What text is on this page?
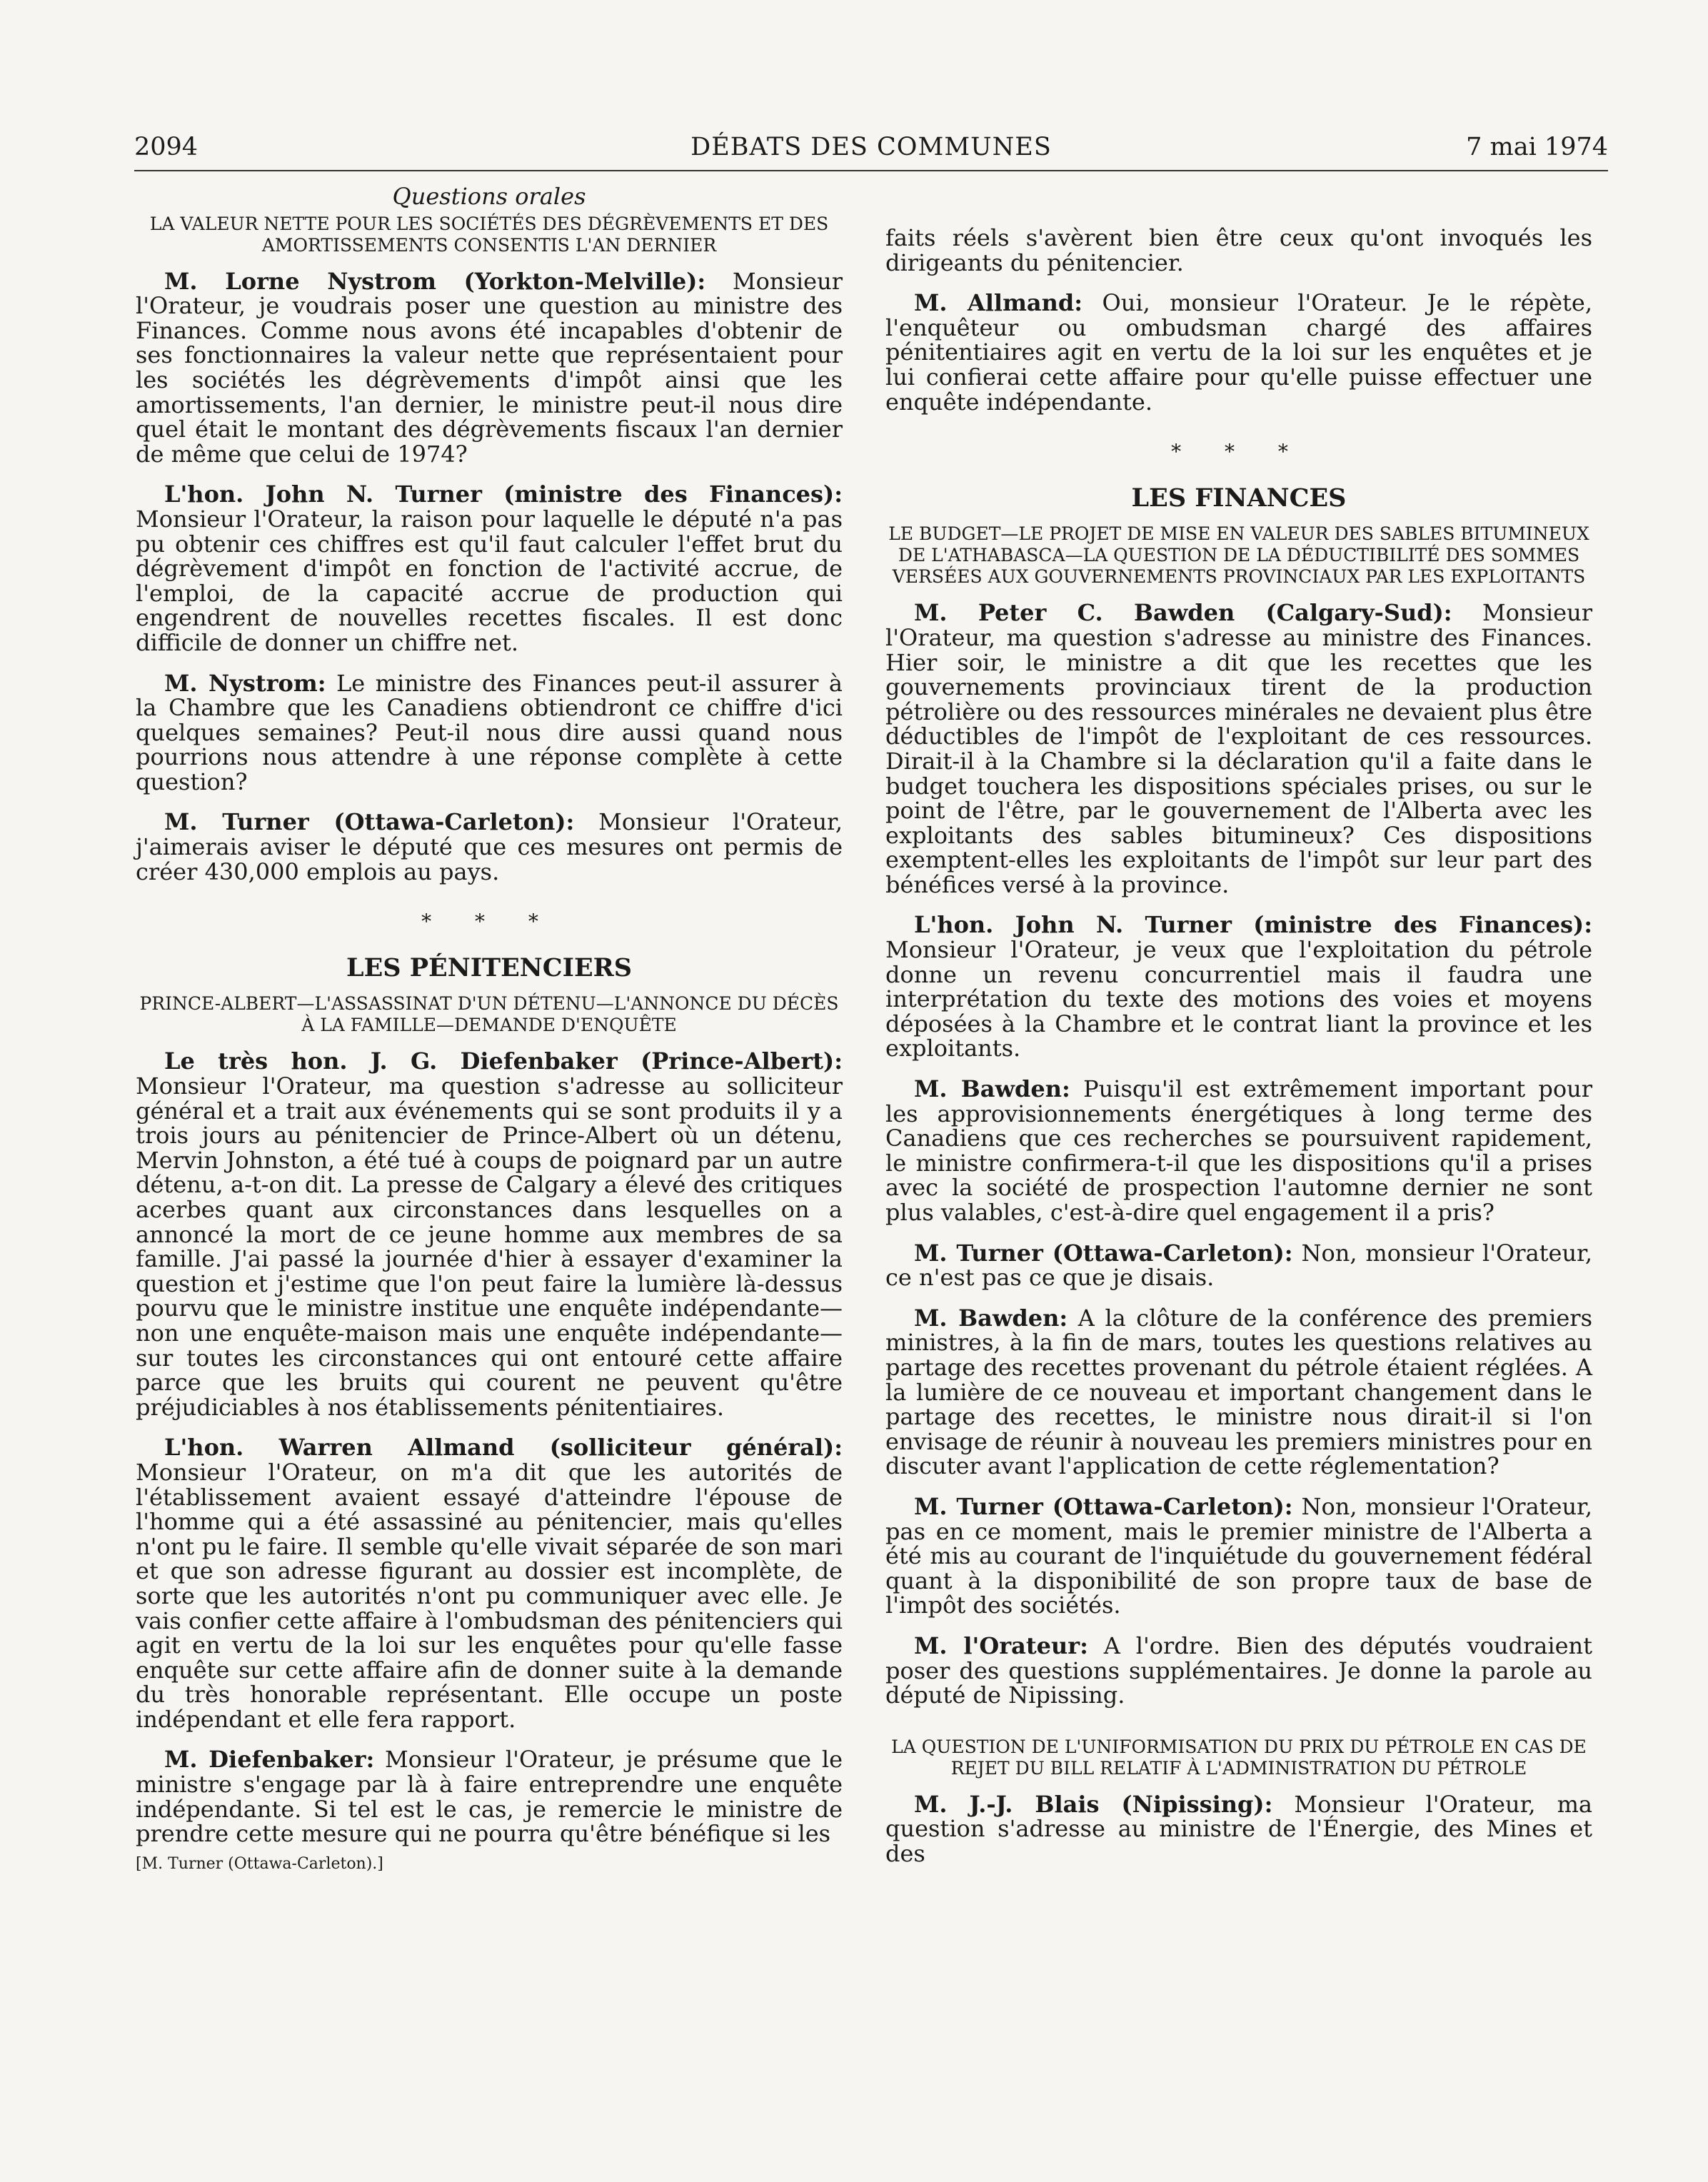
2094	DÉBATS DES COMMUNES	7 mai 1974
Questions orales
LA VALEUR NETTE POUR LES SOCIÉTÉS DES DÉGRÈVEMENTS ET DES AMORTISSEMENTS CONSENTIS L'AN DERNIER

M. Lorne Nystrom (Yorkton-Melville): Monsieur l'Orateur, je voudrais poser une question au ministre des Finances. Comme nous avons été incapables d'obtenir de ses fonctionnaires la valeur nette que représentaient pour les sociétés les dégrèvements d'impôt ainsi que les amortissements, l'an dernier, le ministre peut-il nous dire quel était le montant des dégrèvements fiscaux l'an dernier de même que celui de 1974?

L'hon. John N. Turner (ministre des Finances): Monsieur l'Orateur, la raison pour laquelle le député n'a pas pu obtenir ces chiffres est qu'il faut calculer l'effet brut du dégrèvement d'impôt en fonction de l'activité accrue, de l'emploi, de la capacité accrue de production qui engendrent de nouvelles recettes fiscales. Il est donc difficile de donner un chiffre net.

M. Nystrom: Le ministre des Finances peut-il assurer à la Chambre que les Canadiens obtiendront ce chiffre d'ici quelques semaines? Peut-il nous dire aussi quand nous pourrions nous attendre à une réponse complète à cette question?

M. Turner (Ottawa-Carleton): Monsieur l'Orateur, j'aimerais aviser le député que ces mesures ont permis de créer 430,000 emplois au pays.

* * *
LES PÉNITENCIERS
PRINCE-ALBERT—L'ASSASSINAT D'UN DÉTENU—L'ANNONCE DU DÉCÈS À LA FAMILLE—DEMANDE D'ENQUÊTE

Le très hon. J. G. Diefenbaker (Prince-Albert): Monsieur l'Orateur, ma question s'adresse au solliciteur général et a trait aux événements qui se sont produits il y a trois jours au pénitencier de Prince-Albert où un détenu, Mervin Johnston, a été tué à coups de poignard par un autre détenu, a-t-on dit. La presse de Calgary a élevé des critiques acerbes quant aux circonstances dans lesquelles on a annoncé la mort de ce jeune homme aux membres de sa famille. J'ai passé la journée d'hier à essayer d'examiner la question et j'estime que l'on peut faire la lumière là-dessus pourvu que le ministre institue une enquête indépendante—non une enquête-maison mais une enquête indépendante—sur toutes les circonstances qui ont entouré cette affaire parce que les bruits qui courent ne peuvent qu'être préjudiciables à nos établissements pénitentiaires.

L'hon. Warren Allmand (solliciteur général): Monsieur l'Orateur, on m'a dit que les autorités de l'établissement avaient essayé d'atteindre l'épouse de l'homme qui a été assassiné au pénitencier, mais qu'elles n'ont pu le faire. Il semble qu'elle vivait séparée de son mari et que son adresse figurant au dossier est incomplète, de sorte que les autorités n'ont pu communiquer avec elle. Je vais confier cette affaire à l'ombudsman des pénitenciers qui agit en vertu de la loi sur les enquêtes pour qu'elle fasse enquête sur cette affaire afin de donner suite à la demande du très honorable représentant. Elle occupe un poste indépendant et elle fera rapport.

M. Diefenbaker: Monsieur l'Orateur, je présume que le ministre s'engage par là à faire entreprendre une enquête indépendante. Si tel est le cas, je remercie le ministre de prendre cette mesure qui ne pourra qu'être bénéfique si les

[M. Turner (Ottawa-Carleton).]

faits réels s'avèrent bien être ceux qu'ont invoqués les dirigeants du pénitencier.

M. Allmand: Oui, monsieur l'Orateur. Je le répète, l'enquêteur ou ombudsman chargé des affaires pénitentiaires agit en vertu de la loi sur les enquêtes et je lui confierai cette affaire pour qu'elle puisse effectuer une enquête indépendante.

* * *
LES FINANCES
LE BUDGET—LE PROJET DE MISE EN VALEUR DES SABLES BITUMINEUX DE L'ATHABASCA—LA QUESTION DE LA DÉDUCTIBILITÉ DES SOMMES VERSÉES AUX GOUVERNEMENTS PROVINCIAUX PAR LES EXPLOITANTS

M. Peter C. Bawden (Calgary-Sud): Monsieur l'Orateur, ma question s'adresse au ministre des Finances. Hier soir, le ministre a dit que les recettes que les gouvernements provinciaux tirent de la production pétrolière ou des ressources minérales ne devaient plus être déductibles de l'impôt de l'exploitant de ces ressources. Dirait-il à la Chambre si la déclaration qu'il a faite dans le budget touchera les dispositions spéciales prises, ou sur le point de l'être, par le gouvernement de l'Alberta avec les exploitants des sables bitumineux? Ces dispositions exemptent-elles les exploitants de l'impôt sur leur part des bénéfices versé à la province.

L'hon. John N. Turner (ministre des Finances): Monsieur l'Orateur, je veux que l'exploitation du pétrole donne un revenu concurrentiel mais il faudra une interprétation du texte des motions des voies et moyens déposées à la Chambre et le contrat liant la province et les exploitants.

M. Bawden: Puisqu'il est extrêmement important pour les approvisionnements énergétiques à long terme des Canadiens que ces recherches se poursuivent rapidement, le ministre confirmera-t-il que les dispositions qu'il a prises avec la société de prospection l'automne dernier ne sont plus valables, c'est-à-dire quel engagement il a pris?

M. Turner (Ottawa-Carleton): Non, monsieur l'Orateur, ce n'est pas ce que je disais.

M. Bawden: A la clôture de la conférence des premiers ministres, à la fin de mars, toutes les questions relatives au partage des recettes provenant du pétrole étaient réglées. A la lumière de ce nouveau et important changement dans le partage des recettes, le ministre nous dirait-il si l'on envisage de réunir à nouveau les premiers ministres pour en discuter avant l'application de cette réglementation?

M. Turner (Ottawa-Carleton): Non, monsieur l'Orateur, pas en ce moment, mais le premier ministre de l'Alberta a été mis au courant de l'inquiétude du gouvernement fédéral quant à la disponibilité de son propre taux de base de l'impôt des sociétés.

M. l'Orateur: A l'ordre. Bien des députés voudraient poser des questions supplémentaires. Je donne la parole au député de Nipissing.

LA QUESTION DE L'UNIFORMISATION DU PRIX DU PÉTROLE EN CAS DE REJET DU BILL RELATIF À L'ADMINISTRATION DU PÉTROLE

M. J.-J. Blais (Nipissing): Monsieur l'Orateur, ma question s'adresse au ministre de l'Énergie, des Mines et des
